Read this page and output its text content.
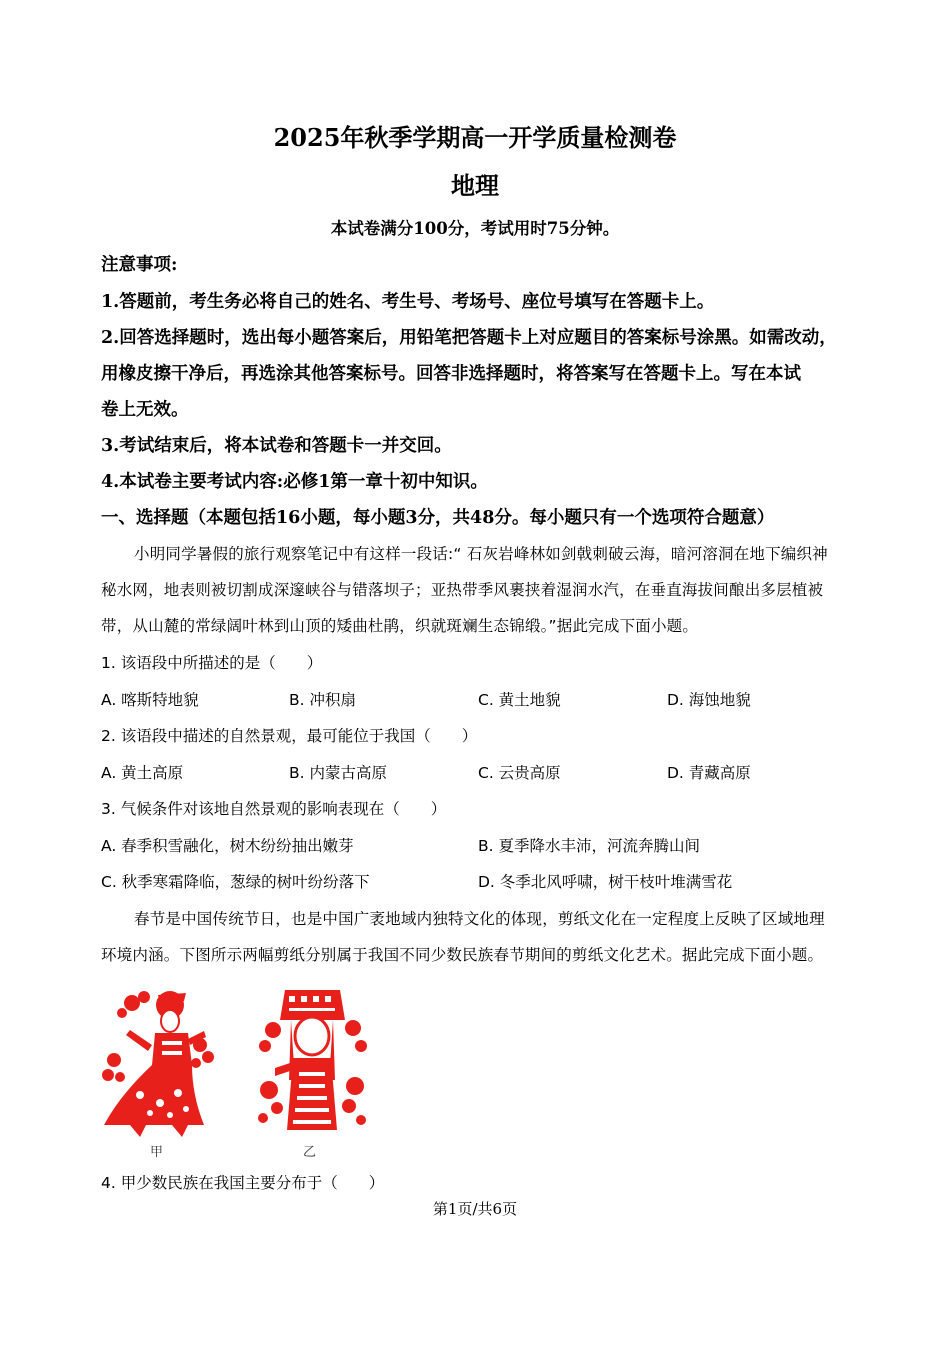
2025年秋季学期高一开学质量检测卷
地理
本试卷满分100分，考试用时75分钟。
注意事项:
1.答题前，考生务必将自己的姓名、考生号、考场号、座位号填写在答题卡上。
2.回答选择题时，选出每小题答案后，用铅笔把答题卡上对应题目的答案标号涂黑。如需改动，
用橡皮擦干净后，再选涂其他答案标号。回答非选择题时，将答案写在答题卡上。写在本试
卷上无效。
3.考试结束后，将本试卷和答题卡一并交回。
4.本试卷主要考试内容:必修1第一章十初中知识。
一、选择题（本题包括16小题，每小题3分，共48分。每小题只有一个选项符合题意）
小明同学暑假的旅行观察笔记中有这样一段话:“ 石灰岩峰林如剑戟刺破云海，暗河溶洞在地下编织神
秘水网，地表则被切割成深邃峡谷与错落坝子；亚热带季风裹挟着湿润水汽，在垂直海拔间酿出多层植被
带，从山麓的常绿阔叶林到山顶的矮曲杜鹃，织就斑斓生态锦缎。”据此完成下面小题。
1. 该语段中所描述的是（　　）
A. 喀斯特地貌	B. 冲积扇	C. 黄土地貌	D. 海蚀地貌
2. 该语段中描述的自然景观，最可能位于我国（　　）
A. 黄土高原	B. 内蒙古高原	C. 云贵高原	D. 青藏高原
3. 气候条件对该地自然景观的影响表现在（　　）
A. 春季积雪融化，树木纷纷抽出嫩芽	B. 夏季降水丰沛，河流奔腾山间
C. 秋季寒霜降临，葱绿的树叶纷纷落下	D. 冬季北风呼啸，树干枝叶堆满雪花
春节是中国传统节日，也是中国广袤地域内独特文化的体现，剪纸文化在一定程度上反映了区域地理
环境内涵。下图所示两幅剪纸分别属于我国不同少数民族春节期间的剪纸文化艺术。据此完成下面小题。
甲	乙
4. 甲少数民族在我国主要分布于（　　）
第1页/共6页
